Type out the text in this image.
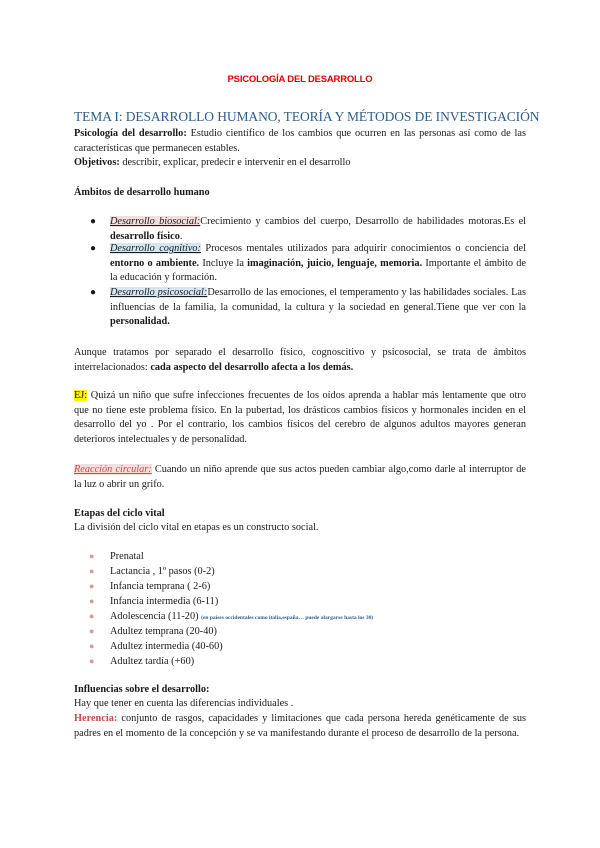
PSICOLOGÍA DEL DESARROLLO
TEMA I: DESARROLLO HUMANO, TEORÍA Y MÉTODOS DE INVESTIGACIÓN
Psicología del desarrollo: Estudio científico de los cambios que ocurren en las personas así como de las características que permanecen estables.
Objetivos: describir, explicar, predecir e intervenir en el desarrollo
Ámbitos de desarrollo humano
● Desarrollo biosocial:Crecimiento y cambios del cuerpo, Desarrollo de habilidades motoras.Es el desarrollo físico.
● Desarrollo cognitivo: Procesos mentales utilizados para adquirir conocimientos o conciencia del entorno o ambiente. Incluye la imaginación, juicio, lenguaje, memoria. Importante el ámbito de la educación y formación.
● Desarrollo psicosocial:Desarrollo de las emociones, el temperamento y las habilidades sociales. Las influencias de la familia, la comunidad, la cultura y la sociedad en general.Tiene que ver con la personalidad.
Aunque tratamos por separado el desarrollo físico, cognoscitivo y psicosocial, se trata de ámbitos interrelacionados: cada aspecto del desarrollo afecta a los demás.
EJ: Quizá un niño que sufre infecciones frecuentes de los oídos aprenda a hablar más lentamente que otro que no tiene este problema físico. En la pubertad, los drásticos cambios físicos y hormonales inciden en el desarrollo del yo . Por el contrario, los cambios físicos del cerebro de algunos adultos mayores generan deterioros intelectuales y de personalidad.
Reacción circular: Cuando un niño aprende que sus actos pueden cambiar algo,como darle al interruptor de la luz o abrir un grifo.
Etapas del ciclo vital
La división del ciclo vital en etapas es un constructo social.
● Prenatal
● Lactancia , 1º pasos (0-2)
● Infancia temprana ( 2-6)
● Infancia intermedia (6-11)
● Adolescencia (11-20) (en países occidentales como italia,españa… puede alargarse hasta los 30)
● Adultez temprana (20-40)
● Adultez intermedia (40-60)
● Adultez tardía (+60)
Influencias sobre el desarrollo:
Hay que tener en cuenta las diferencias individuales .
Herencia: conjunto de rasgos, capacidades y limitaciones que cada persona hereda genéticamente de sus padres en el momento de la concepción y se va manifestando durante el proceso de desarrollo de la persona.
